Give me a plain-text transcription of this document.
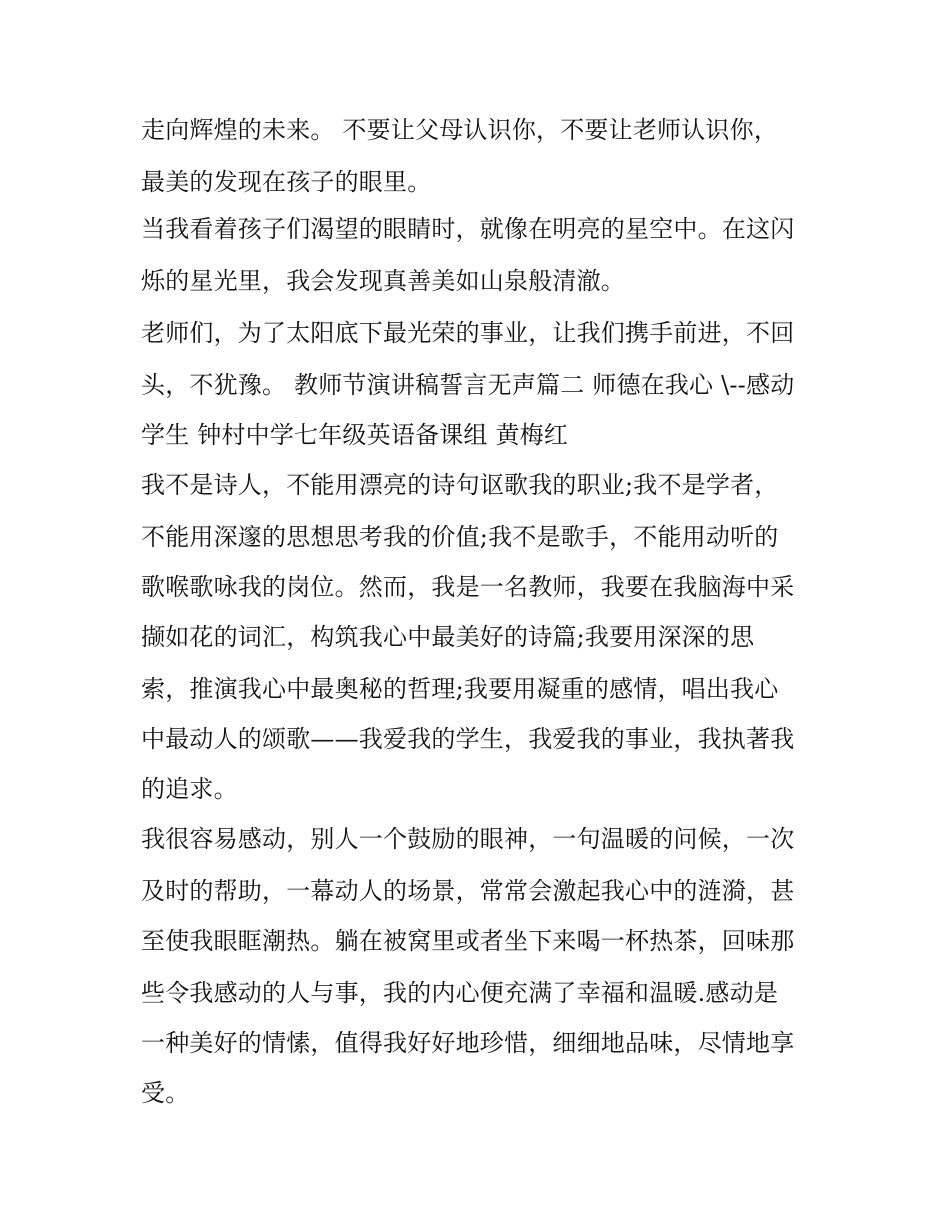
走向辉煌的未来。 不要让父母认识你，不要让老师认识你，
最美的发现在孩子的眼里。
当我看着孩子们渴望的眼睛时，就像在明亮的星空中。在这闪
烁的星光里，我会发现真善美如山泉般清澈。
老师们，为了太阳底下最光荣的事业，让我们携手前进，不回
头，不犹豫。 教师节演讲稿誓言无声篇二 师德在我心 \--感动
学生 钟村中学七年级英语备课组 黄梅红
我不是诗人，不能用漂亮的诗句讴歌我的职业;我不是学者，
不能用深邃的思想思考我的价值;我不是歌手，不能用动听的
歌喉歌咏我的岗位。然而，我是一名教师，我要在我脑海中采
撷如花的词汇，构筑我心中最美好的诗篇;我要用深深的思
索，推演我心中最奥秘的哲理;我要用凝重的感情，唱出我心
中最动人的颂歌——我爱我的学生，我爱我的事业，我执著我
的追求。
我很容易感动，别人一个鼓励的眼神，一句温暖的问候，一次
及时的帮助，一幕动人的场景，常常会激起我心中的涟漪，甚
至使我眼眶潮热。躺在被窝里或者坐下来喝一杯热茶，回味那
些令我感动的人与事，我的内心便充满了幸福和温暖.感动是
一种美好的情愫，值得我好好地珍惜，细细地品味，尽情地享
受。
